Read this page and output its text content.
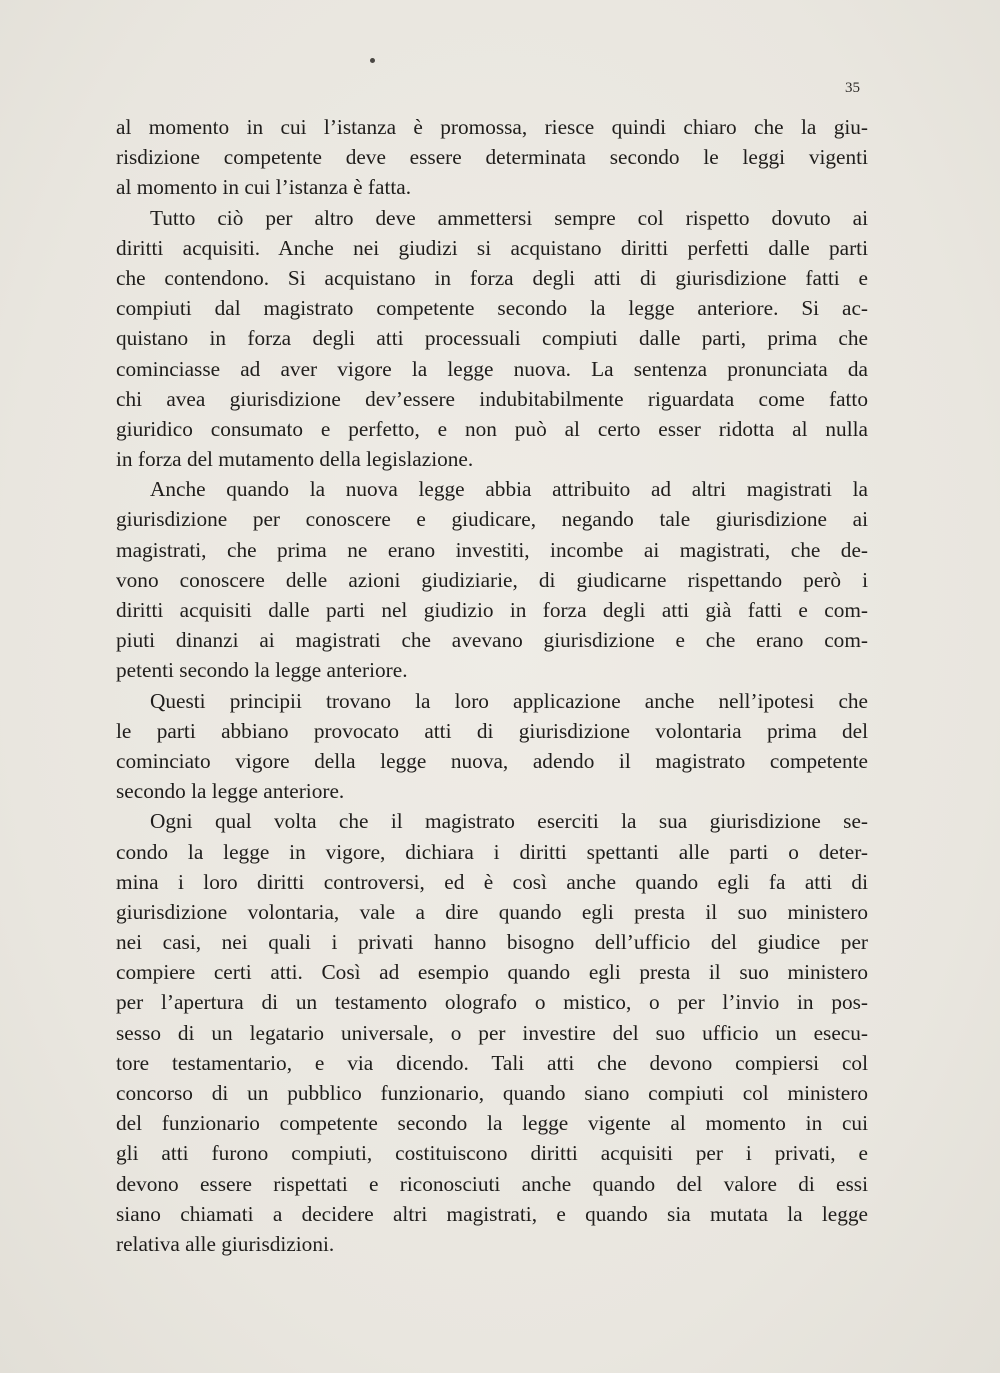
35
al momento in cui l’istanza è promossa, riesce quindi chiaro che la giu-
risdizione competente deve essere determinata secondo le leggi vigenti
al momento in cui l’istanza è fatta.
Tutto ciò per altro deve ammettersi sempre col rispetto dovuto ai
diritti acquisiti. Anche nei giudizi si acquistano diritti perfetti dalle parti
che contendono. Si acquistano in forza degli atti di giurisdizione fatti e
compiuti dal magistrato competente secondo la legge anteriore. Si ac-
quistano in forza degli atti processuali compiuti dalle parti, prima che
cominciasse ad aver vigore la legge nuova. La sentenza pronunciata da
chi avea giurisdizione dev’essere indubitabilmente riguardata come fatto
giuridico consumato e perfetto, e non può al certo esser ridotta al nulla
in forza del mutamento della legislazione.
Anche quando la nuova legge abbia attribuito ad altri magistrati la
giurisdizione per conoscere e giudicare, negando tale giurisdizione ai
magistrati, che prima ne erano investiti, incombe ai magistrati, che de-
vono conoscere delle azioni giudiziarie, di giudicarne rispettando però i
diritti acquisiti dalle parti nel giudizio in forza degli atti già fatti e com-
piuti dinanzi ai magistrati che avevano giurisdizione e che erano com-
petenti secondo la legge anteriore.
Questi principii trovano la loro applicazione anche nell’ipotesi che
le parti abbiano provocato atti di giurisdizione volontaria prima del
cominciato vigore della legge nuova, adendo il magistrato competente
secondo la legge anteriore.
Ogni qual volta che il magistrato eserciti la sua giurisdizione se-
condo la legge in vigore, dichiara i diritti spettanti alle parti o deter-
mina i loro diritti controversi, ed è così anche quando egli fa atti di
giurisdizione volontaria, vale a dire quando egli presta il suo ministero
nei casi, nei quali i privati hanno bisogno dell’ufficio del giudice per
compiere certi atti. Così ad esempio quando egli presta il suo ministero
per l’apertura di un testamento olografo o mistico, o per l’invio in pos-
sesso di un legatario universale, o per investire del suo ufficio un esecu-
tore testamentario, e via dicendo. Tali atti che devono compiersi col
concorso di un pubblico funzionario, quando siano compiuti col ministero
del funzionario competente secondo la legge vigente al momento in cui
gli atti furono compiuti, costituiscono diritti acquisiti per i privati, e
devono essere rispettati e riconosciuti anche quando del valore di essi
siano chiamati a decidere altri magistrati, e quando sia mutata la legge
relativa alle giurisdizioni.
